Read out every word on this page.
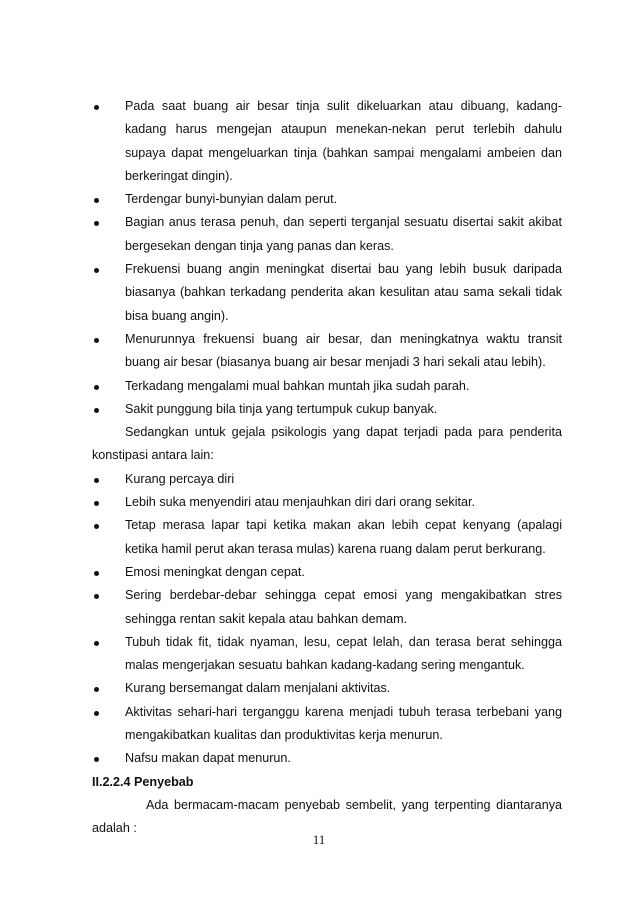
Pada saat buang air besar tinja sulit dikeluarkan atau dibuang, kadang-kadang harus mengejan ataupun menekan-nekan perut terlebih dahulu supaya dapat mengeluarkan tinja (bahkan sampai mengalami ambeien dan berkeringat dingin).
Terdengar bunyi-bunyian dalam perut.
Bagian anus terasa penuh, dan seperti terganjal sesuatu disertai sakit akibat bergesekan dengan tinja yang panas dan keras.
Frekuensi buang angin meningkat disertai bau yang lebih busuk daripada biasanya (bahkan terkadang penderita akan kesulitan atau sama sekali tidak bisa buang angin).
Menurunnya frekuensi buang air besar, dan meningkatnya waktu transit buang air besar (biasanya buang air besar menjadi 3 hari sekali atau lebih).
Terkadang mengalami mual bahkan muntah jika sudah parah.
Sakit punggung bila tinja yang tertumpuk cukup banyak.

Sedangkan untuk gejala psikologis yang dapat terjadi pada para penderita konstipasi antara lain:

Kurang percaya diri
Lebih suka menyendiri atau menjauhkan diri dari orang sekitar.
Tetap merasa lapar tapi ketika makan akan lebih cepat kenyang (apalagi ketika hamil perut akan terasa mulas) karena ruang dalam perut berkurang.
Emosi meningkat dengan cepat.
Sering berdebar-debar sehingga cepat emosi yang mengakibatkan stres sehingga rentan sakit kepala atau bahkan demam.
Tubuh tidak fit, tidak nyaman, lesu, cepat lelah, dan terasa berat sehingga malas mengerjakan sesuatu bahkan kadang-kadang sering mengantuk.
Kurang bersemangat dalam menjalani aktivitas.
Aktivitas sehari-hari terganggu karena menjadi tubuh terasa terbebani yang mengakibatkan kualitas dan produktivitas kerja menurun.
Nafsu makan dapat menurun.

II.2.2.4 Penyebab

Ada bermacam-macam penyebab sembelit, yang terpenting diantaranya adalah :

11
